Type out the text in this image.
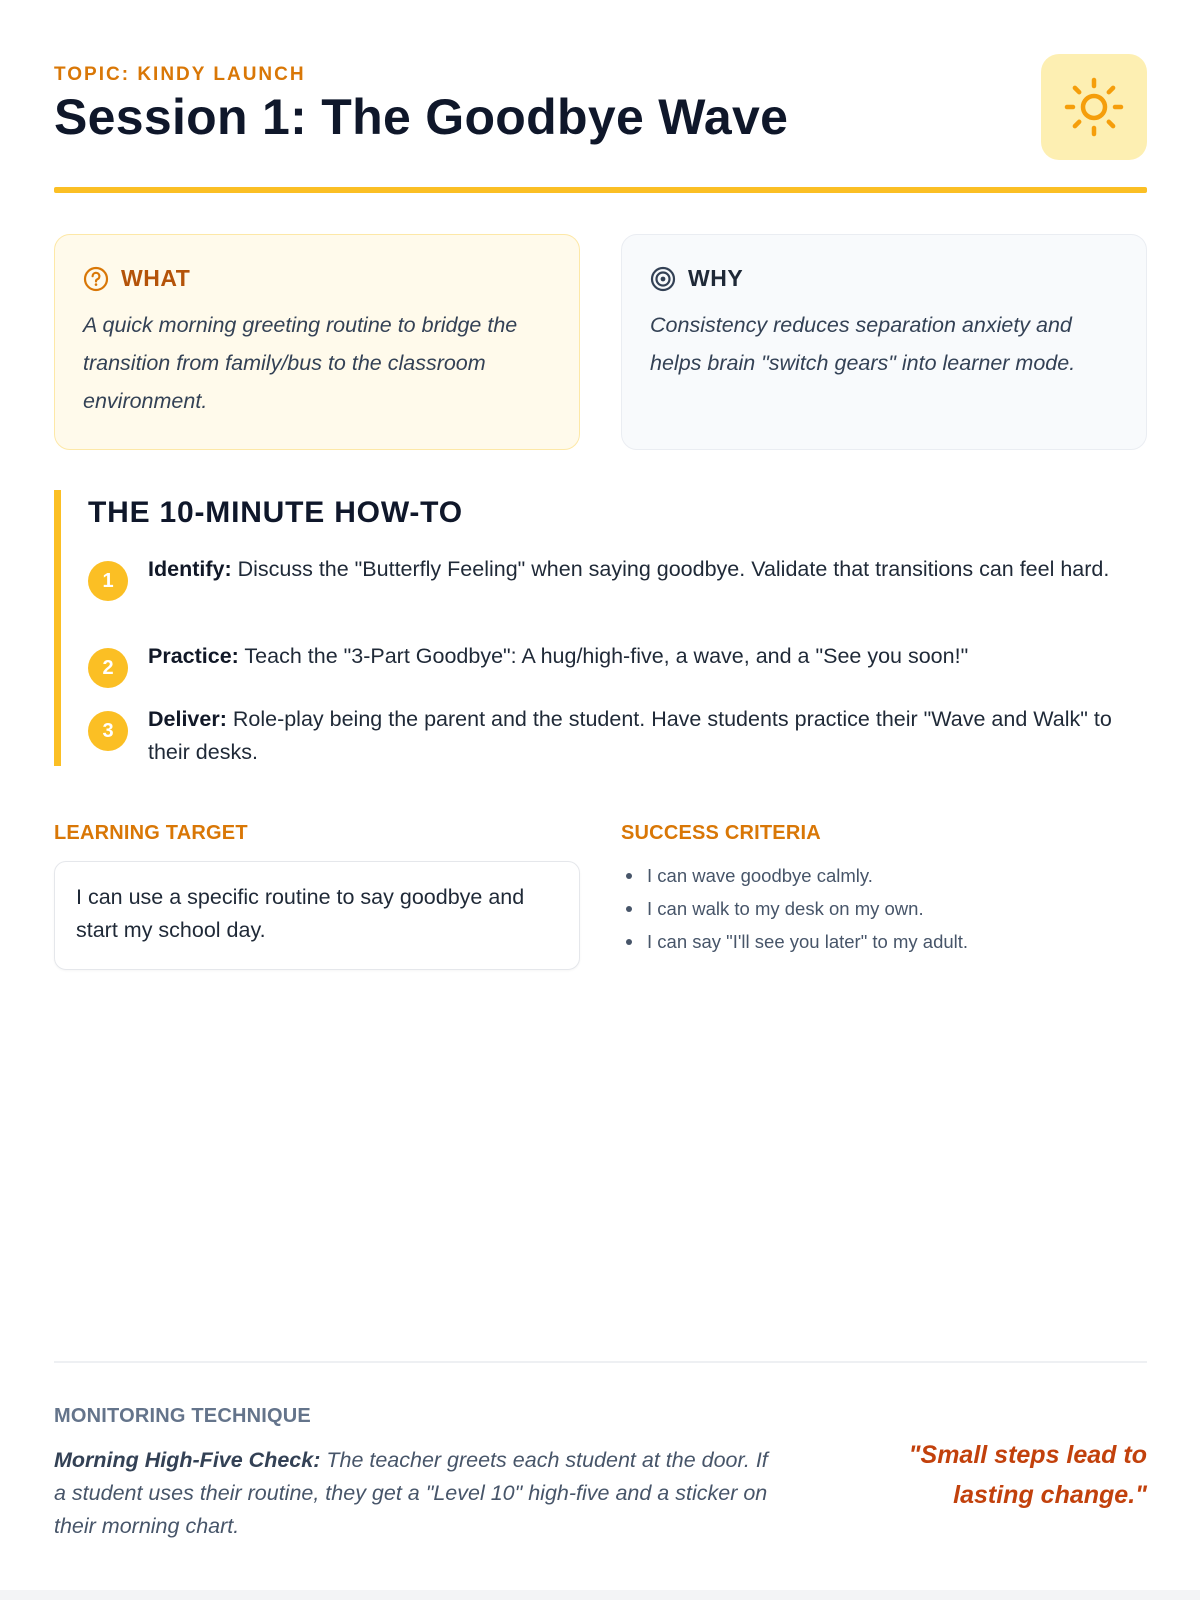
TOPIC: KINDY LAUNCH
Session 1: The Goodbye Wave
WHAT
A quick morning greeting routine to bridge the transition from family/bus to the classroom environment.
WHY
Consistency reduces separation anxiety and helps brain "switch gears" into learner mode.
THE 10-MINUTE HOW-TO
1	Identify: Discuss the "Butterfly Feeling" when saying goodbye. Validate that transitions can feel hard.
2	Practice: Teach the "3-Part Goodbye": A hug/high-five, a wave, and a "See you soon!"
3	Deliver: Role-play being the parent and the student. Have students practice their "Wave and Walk" to their desks.
LEARNING TARGET
I can use a specific routine to say goodbye and start my school day.
SUCCESS CRITERIA
I can wave goodbye calmly.
I can walk to my desk on my own.
I can say "I'll see you later" to my adult.
MONITORING TECHNIQUE
Morning High-Five Check: The teacher greets each student at the door. If a student uses their routine, they get a "Level 10" high-five and a sticker on their morning chart.
"Small steps lead to lasting change."
